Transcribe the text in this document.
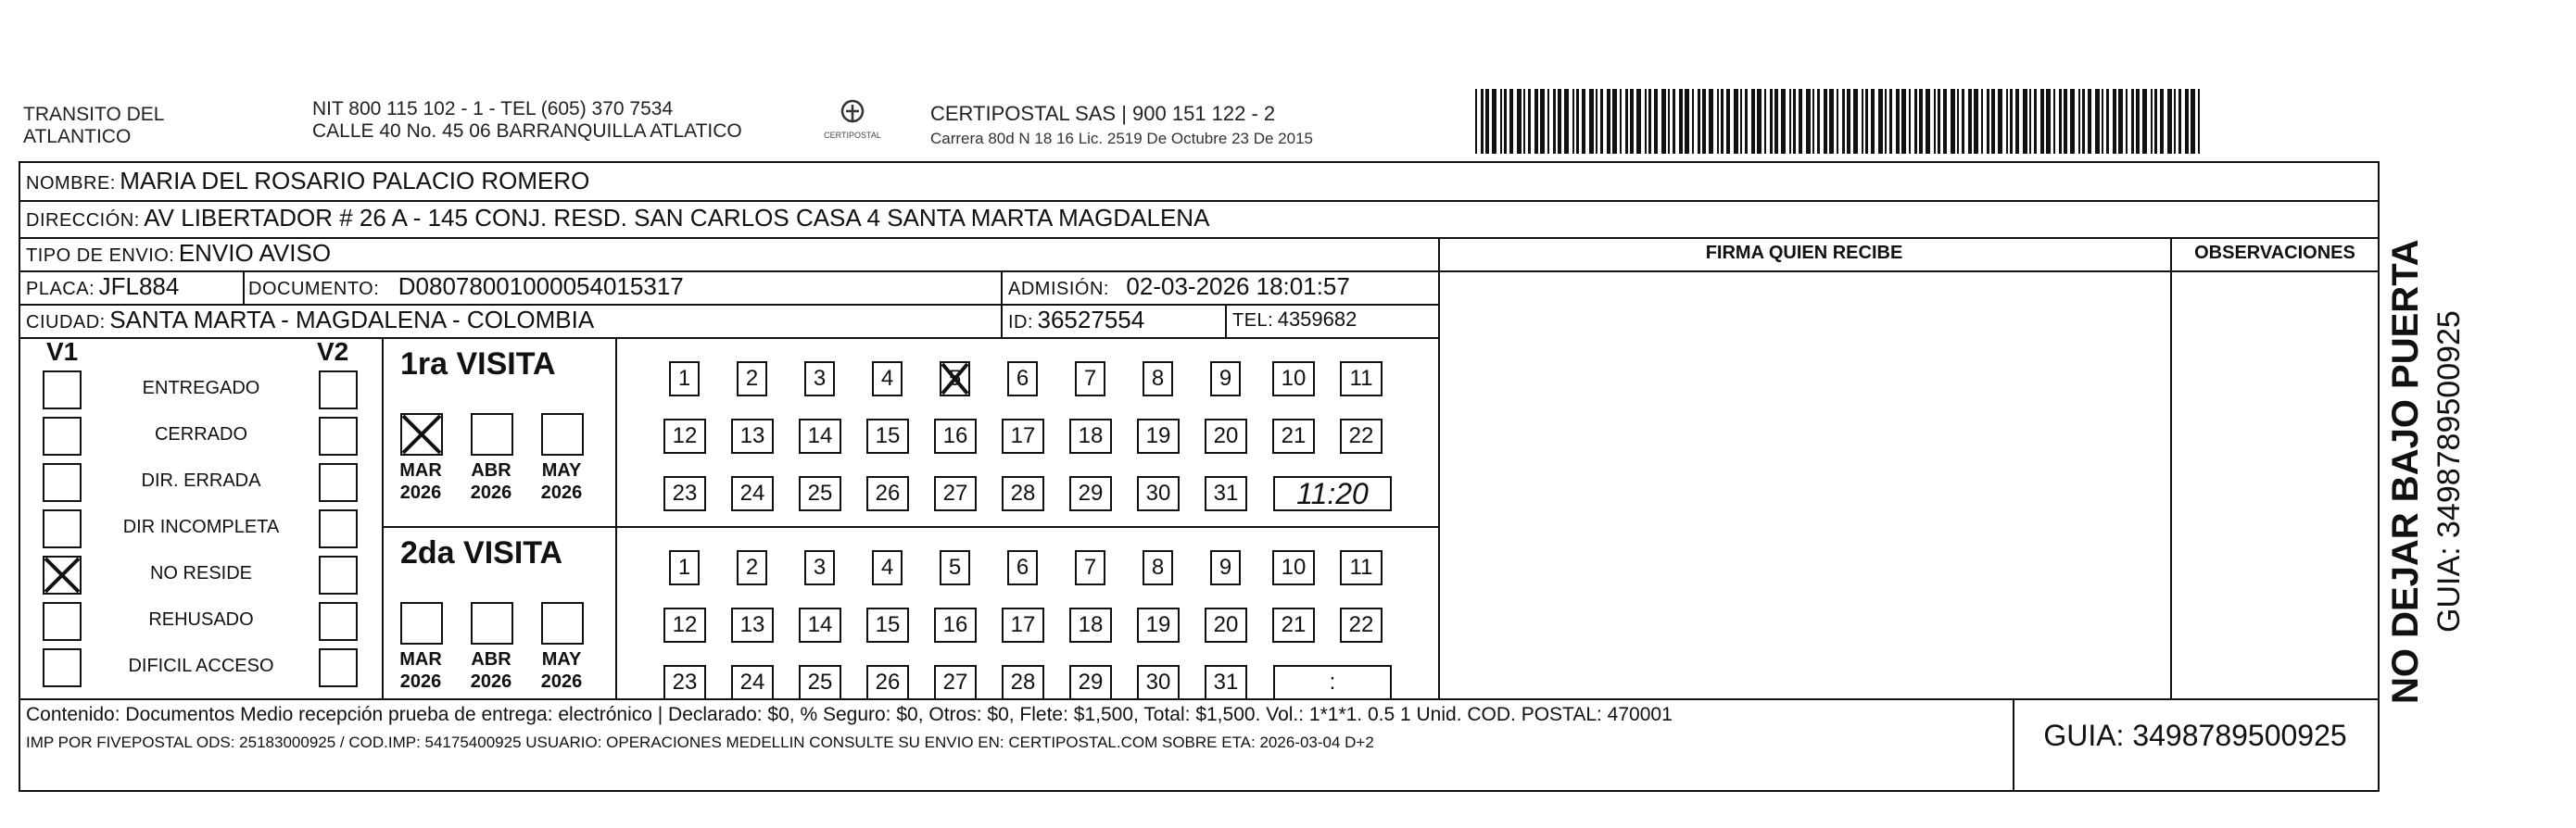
TRANSITO DEL
ATLANTICO
NIT 800 115 102 - 1 - TEL (605) 370 7534
CALLE 40 No. 45 06 BARRANQUILLA ATLATICO	CERTIPOSTAL
CERTIPOSTAL SAS | 900 151 122 - 2
Carrera 80d N 18 16 Lic. 2519 De Octubre 23 De 2015
NOMBRE: MARIA DEL ROSARIO PALACIO ROMERO
DIRECCIÓN: AV LIBERTADOR # 26 A - 145 CONJ. RESD. SAN CARLOS CASA 4 SANTA MARTA MAGDALENA
TIPO DE ENVIO: ENVIO AVISO
PLACA: JFL884	DOCUMENTO: D08078001000054015317	ADMISIÓN: 02-03-2026 18:01:57
CIUDAD: SANTA MARTA - MAGDALENA - COLOMBIA	ID: 36527554	TEL: 4359682
FIRMA QUIEN RECIBE	OBSERVACIONES
V1	V2
ENTREGADO
CERRADO
DIR. ERRADA
DIR INCOMPLETA
NO RESIDE
REHUSADO
DIFICIL ACCESO
1ra VISITA
MAR
2026
ABR
2026
MAY
2026
1	2	3	4	5	6	7	8	9	10	11
12	13	14	15	16	17	18	19	20	21	22
23	24	25	26	27	28	29	30	31	11:20
2da VISITA
MAR
2026
ABR
2026
MAY
2026
1	2	3	4	5	6	7	8	9	10	11
12	13	14	15	16	17	18	19	20	21	22
23	24	25	26	27	28	29	30	31	:
Contenido: Documentos Medio recepción prueba de entrega: electrónico | Declarado: $0, % Seguro: $0, Otros: $0, Flete: $1,500, Total: $1,500. Vol.: 1*1*1. 0.5 1 Unid. COD. POSTAL: 470001
IMP POR FIVEPOSTAL ODS: 25183000925 / COD.IMP: 54175400925 USUARIO: OPERACIONES MEDELLIN CONSULTE SU ENVIO EN: CERTIPOSTAL.COM SOBRE ETA: 2026-03-04 D+2	GUIA: 3498789500925
NO DEJAR BAJO PUERTA GUIA: 3498789500925
